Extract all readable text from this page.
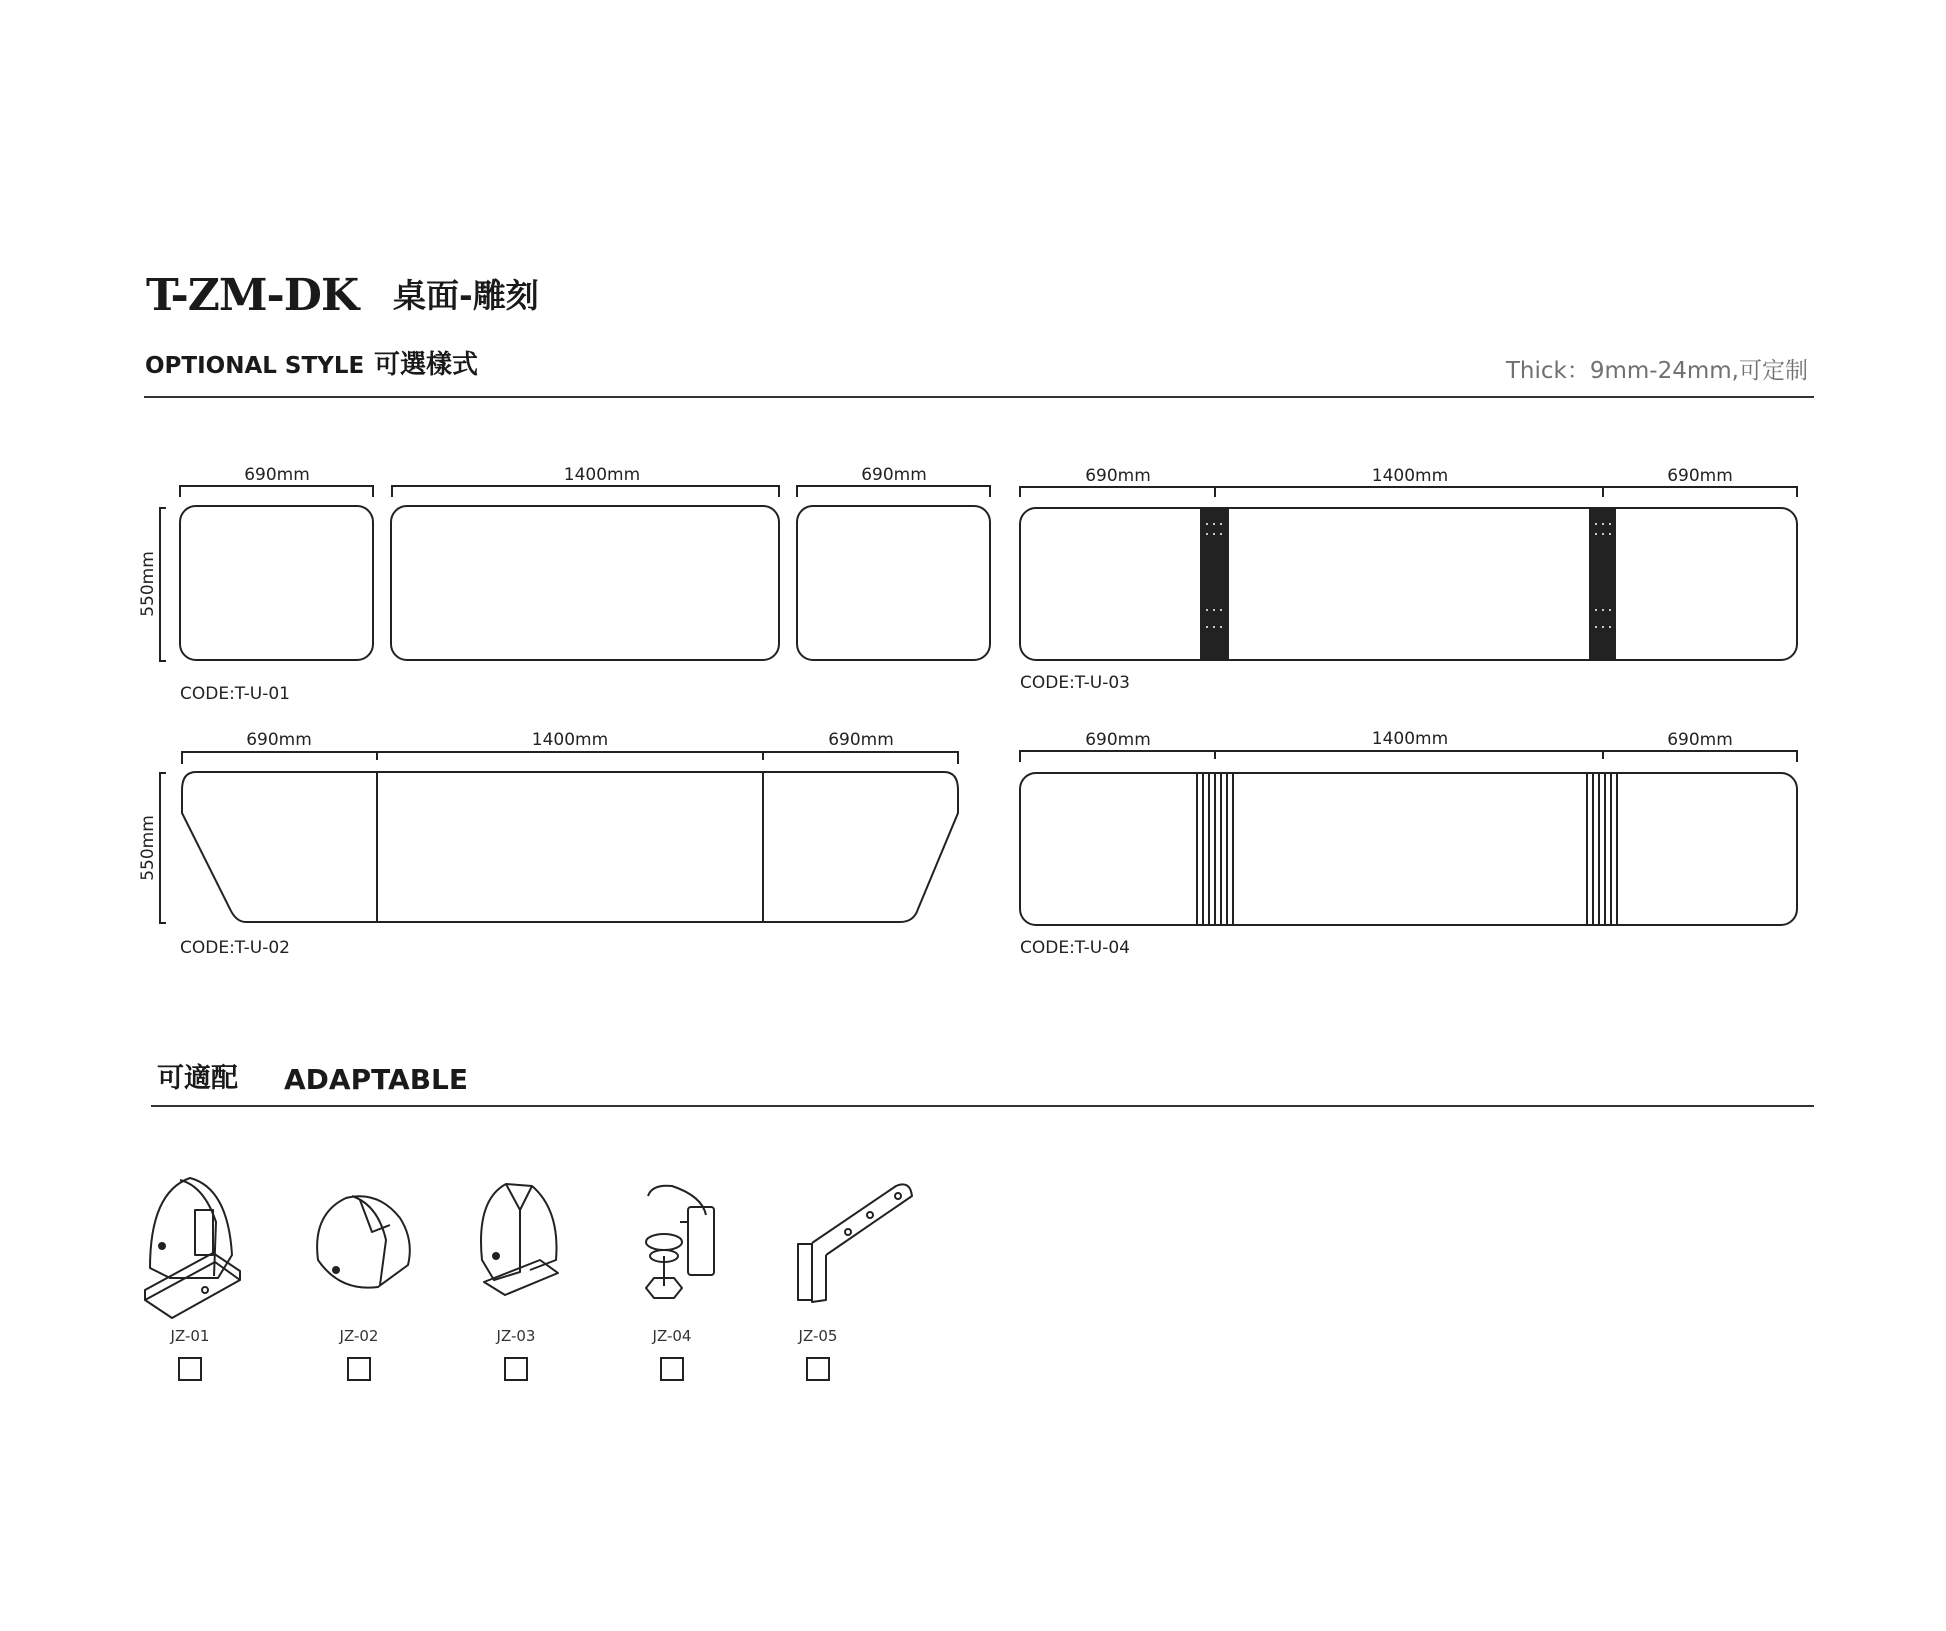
T-ZM-DK 桌面-雕刻
OPTIONAL STYLE 可選樣式	Thick：9mm-24mm,可定制
690mm	1400mm	690mm
550mm
CODE:T-U-01
690mm	1400mm	690mm
550mm
CODE:T-U-02
690mm	1400mm	690mm
CODE:T-U-03
690mm	1400mm	690mm
CODE:T-U-04
可適配 ADAPTABLE
JZ-01	JZ-02	JZ-03	JZ-04	JZ-05
